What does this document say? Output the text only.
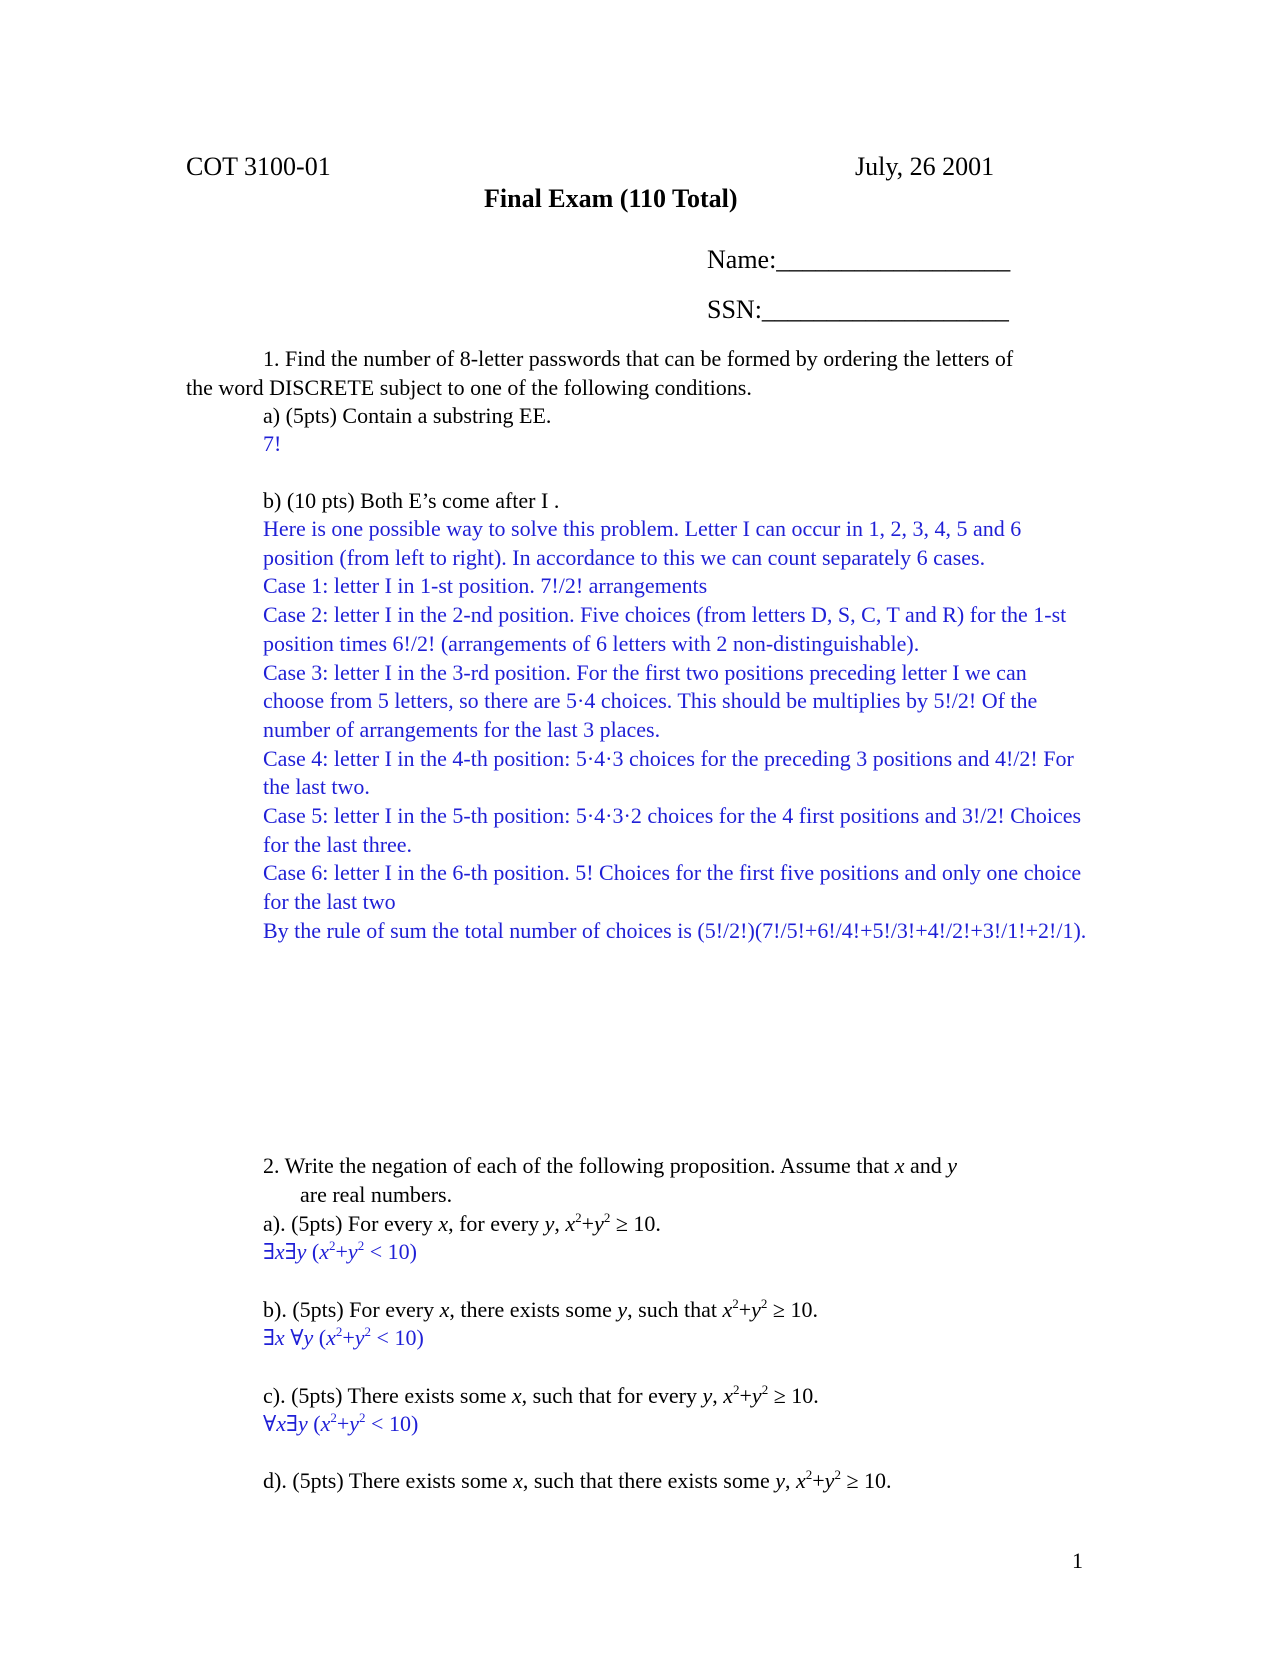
COT 3100-01	July, 26 2001
Final Exam (110 Total)
Name:__________________
SSN:___________________
1. Find the number of 8-letter passwords that can be formed by ordering the letters of
the word DISCRETE subject to one of the following conditions.
a) (5pts) Contain a substring EE.
7!
b) (10 pts) Both E’s come after I .

Here is one possible way to solve this problem. Letter I can occur in 1, 2, 3, 4, 5 and 6 position (from left to right). In accordance to this we can count separately 6 cases.

Case 1: letter I in 1-st position. 7!/2! arrangements

Case 2: letter I in the 2-nd position. Five choices (from letters D, S, C, T and R) for the 1-st position times 6!/2! (arrangements of 6 letters with 2 non-distinguishable).

Case 3: letter I in the 3-rd position. For the first two positions preceding letter I we can choose from 5 letters, so there are 5·4 choices. This should be multiplies by 5!/2! Of the number of arrangements for the last 3 places.

Case 4: letter I in the 4-th position: 5·4·3 choices for the preceding 3 positions and 4!/2! For the last two.

Case 5: letter I in the 5-th position: 5·4·3·2 choices for the 4 first positions and 3!/2! Choices for the last three.

Case 6: letter I in the 6-th position. 5! Choices for the first five positions and only one choice for the last two

By the rule of sum the total number of choices is (5!/2!)(7!/5!+6!/4!+5!/3!+4!/2!+3!/1!+2!/1).

2. Write the negation of each of the following proposition. Assume that x and y
are real numbers.
a). (5pts) For every x, for every y, $x^2+y^2 \ge 10$.
∃x∃y $(x^2+y^2 < 10)$
b). (5pts) For every x, there exists some y, such that $x^2+y^2 \ge 10$.
∃x ∀y $(x^2+y^2 < 10)$
c). (5pts) There exists some x, such that for every y, $x^2+y^2 \ge 10$.
∀x∃y $(x^2+y^2 < 10)$
d). (5pts) There exists some x, such that there exists some y, $x^2+y^2 \ge 10$.
1
